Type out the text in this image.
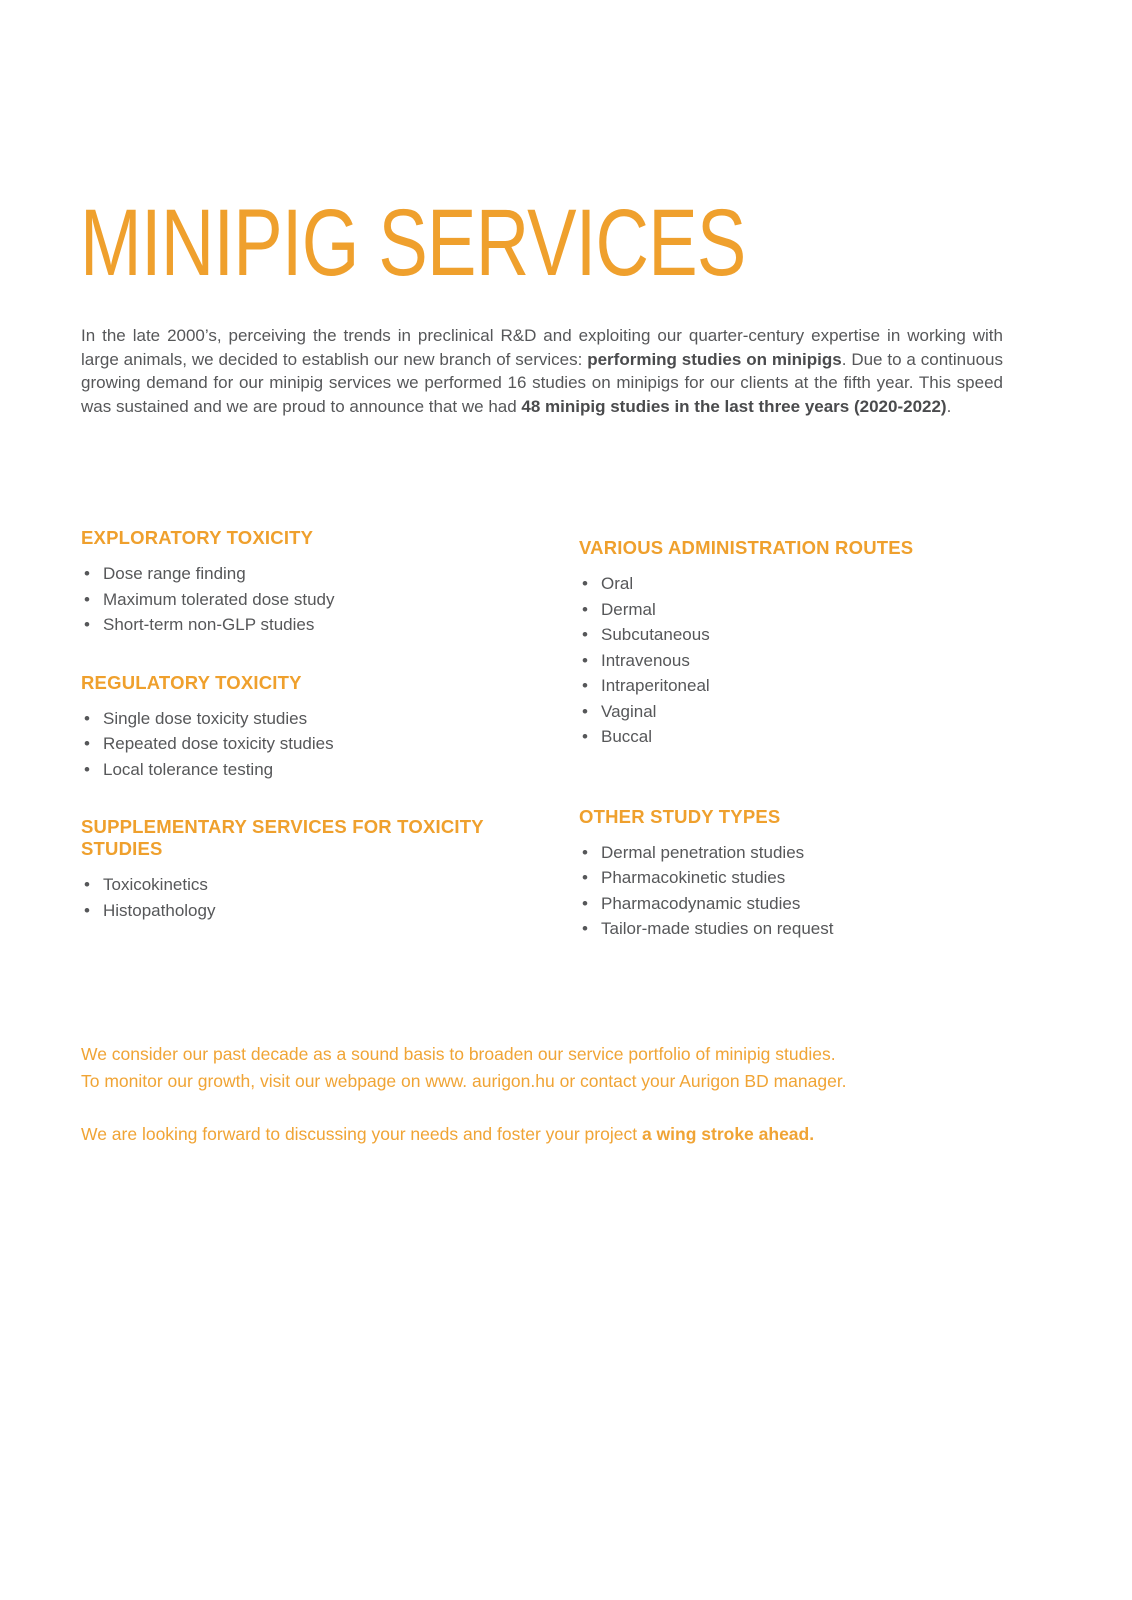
MINIPIG SERVICES

In the late 2000’s, perceiving the trends in preclinical R&D and exploiting our quarter-century expertise in working with large animals, we decided to establish our new branch of services: performing studies on minipigs. Due to a continuous growing demand for our minipig services we performed 16 studies on minipigs for our clients at the fifth year. This speed was sustained and we are proud to announce that we had 48 minipig studies in the last three years (2020-2022).

EXPLORATORY TOXICITY
• Dose range finding
• Maximum tolerated dose study
• Short-term non-GLP studies
REGULATORY TOXICITY
• Single dose toxicity studies
• Repeated dose toxicity studies
• Local tolerance testing
SUPPLEMENTARY SERVICES FOR TOXICITY STUDIES
• Toxicokinetics
• Histopathology
VARIOUS ADMINISTRATION ROUTES
• Oral
• Dermal
• Subcutaneous
• Intravenous
• Intraperitoneal
• Vaginal
• Buccal
OTHER STUDY TYPES
• Dermal penetration studies
• Pharmacokinetic studies
• Pharmacodynamic studies
• Tailor-made studies on request

We consider our past decade as a sound basis to broaden our service portfolio of minipig studies.
To monitor our growth, visit our webpage on www. aurigon.hu or contact your Aurigon BD manager.

We are looking forward to discussing your needs and foster your project a wing stroke ahead.
